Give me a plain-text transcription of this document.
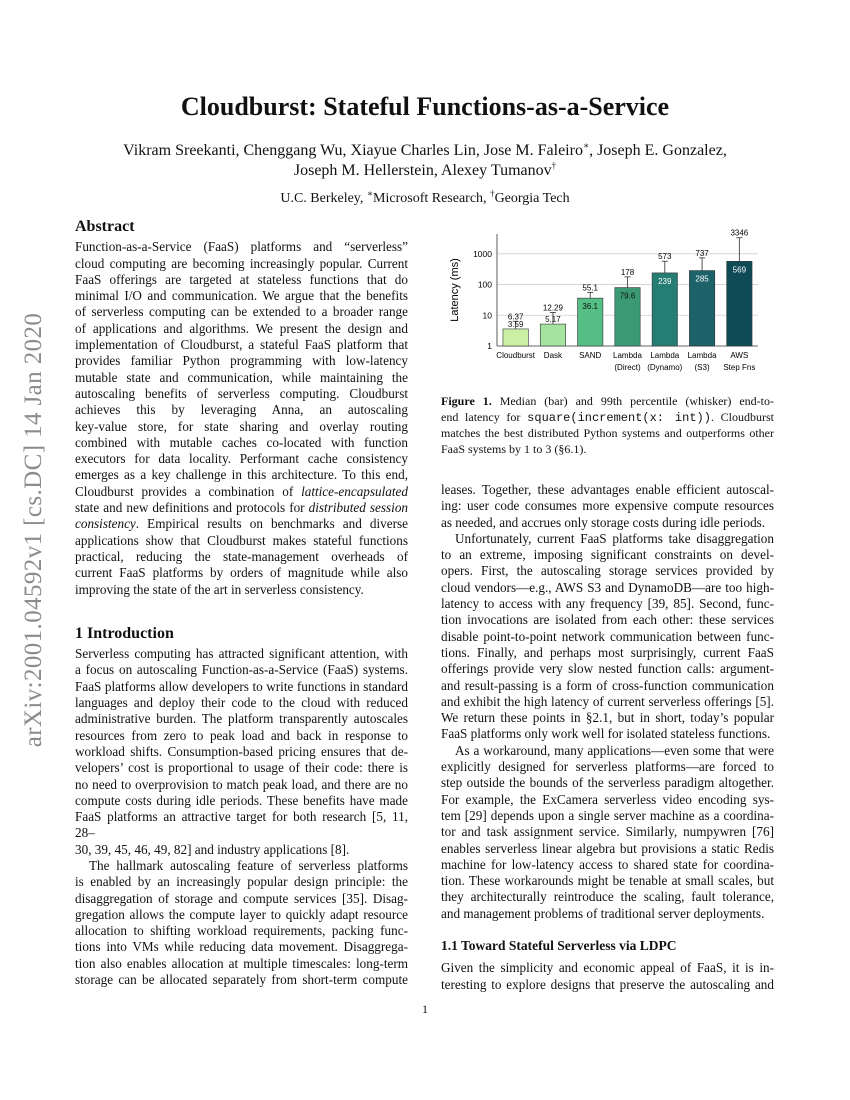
arXiv:2001.04592v1 [cs.DC] 14 Jan 2020
Cloudburst: Stateful Functions-as-a-Service
Vikram Sreekanti, Chenggang Wu, Xiayue Charles Lin, Jose M. Faleiro∗, Joseph E. Gonzalez,
Joseph M. Hellerstein, Alexey Tumanov†
U.C. Berkeley, ∗Microsoft Research, †Georgia Tech
Abstract

Function-as-a-Service (FaaS) platforms and “serverless”

cloud computing are becoming increasingly popular. Current

FaaS offerings are targeted at stateless functions that do

minimal I/O and communication. We argue that the benefits

of serverless computing can be extended to a broader range

of applications and algorithms. We present the design and

implementation of Cloudburst, a stateful FaaS platform that

provides familiar Python programming with low-latency

mutable state and communication, while maintaining the

autoscaling benefits of serverless computing. Cloudburst

achieves this by leveraging Anna, an autoscaling

key-value store, for state sharing and overlay routing

combined with mutable caches co-located with function

executors for data locality. Performant cache consistency

emerges as a key challenge in this architecture. To this end,

Cloudburst provides a combination of lattice-encapsulated

state and new definitions and protocols for distributed session

consistency. Empirical results on benchmarks and diverse

applications show that Cloudburst makes stateful functions

practical, reducing the state-management overheads of

current FaaS platforms by orders of magnitude while also

improving the state of the art in serverless consistency.

1 Introduction

Serverless computing has attracted significant attention, with

a focus on autoscaling Function-as-a-Service (FaaS) systems.

FaaS platforms allow developers to write functions in standard

languages and deploy their code to the cloud with reduced

administrative burden. The platform transparently autoscales

resources from zero to peak load and back in response to

workload shifts. Consumption-based pricing ensures that de-

velopers’ cost is proportional to usage of their code: there is

no need to overprovision to match peak load, and there are no

compute costs during idle periods. These benefits have made

FaaS platforms an attractive target for both research [5, 11, 28–

30, 39, 45, 46, 49, 82] and industry applications [8].

The hallmark autoscaling feature of serverless platforms

is enabled by an increasingly popular design principle: the

disaggregation of storage and compute services [35]. Disag-

gregation allows the compute layer to quickly adapt resource

allocation to shifting workload requirements, packing func-

tions into VMs while reducing data movement. Disaggrega-

tion also enables allocation at multiple timescales: long-term

storage can be allocated separately from short-term compute

1
10
100
1000
Latency (ms)	6.37
3.59
Cloudburst
12.29
5.17
Dask
55.1
36.1
SAND
178
79.6
Lambda
(Direct)
573
239
Lambda
(Dynamo)
737
285
Lambda
(S3)
3346
569
AWS
Step Fns
Figure 1. Median (bar) and 99th percentile (whisker) end-to-
end latency for square(increment(x: int)). Cloudburst
matches the best distributed Python systems and outperforms other
FaaS systems by 1 to 3 (§6.1).

leases. Together, these advantages enable efficient autoscal-

ing: user code consumes more expensive compute resources

as needed, and accrues only storage costs during idle periods.

Unfortunately, current FaaS platforms take disaggregation

to an extreme, imposing significant constraints on devel-

opers. First, the autoscaling storage services provided by

cloud vendors—e.g., AWS S3 and DynamoDB—are too high-

latency to access with any frequency [39, 85]. Second, func-

tion invocations are isolated from each other: these services

disable point-to-point network communication between func-

tions. Finally, and perhaps most surprisingly, current FaaS

offerings provide very slow nested function calls: argument-

and result-passing is a form of cross-function communication

and exhibit the high latency of current serverless offerings [5].

We return these points in §2.1, but in short, today’s popular

FaaS platforms only work well for isolated stateless functions.

As a workaround, many applications—even some that were

explicitly designed for serverless platforms—are forced to

step outside the bounds of the serverless paradigm altogether.

For example, the ExCamera serverless video encoding sys-

tem [29] depends upon a single server machine as a coordina-

tor and task assignment service. Similarly, numpywren [76]

enables serverless linear algebra but provisions a static Redis

machine for low-latency access to shared state for coordina-

tion. These workarounds might be tenable at small scales, but

they architecturally reintroduce the scaling, fault tolerance,

and management problems of traditional server deployments.

1.1 Toward Stateful Serverless via LDPC

Given the simplicity and economic appeal of FaaS, it is in-

teresting to explore designs that preserve the autoscaling and

1
